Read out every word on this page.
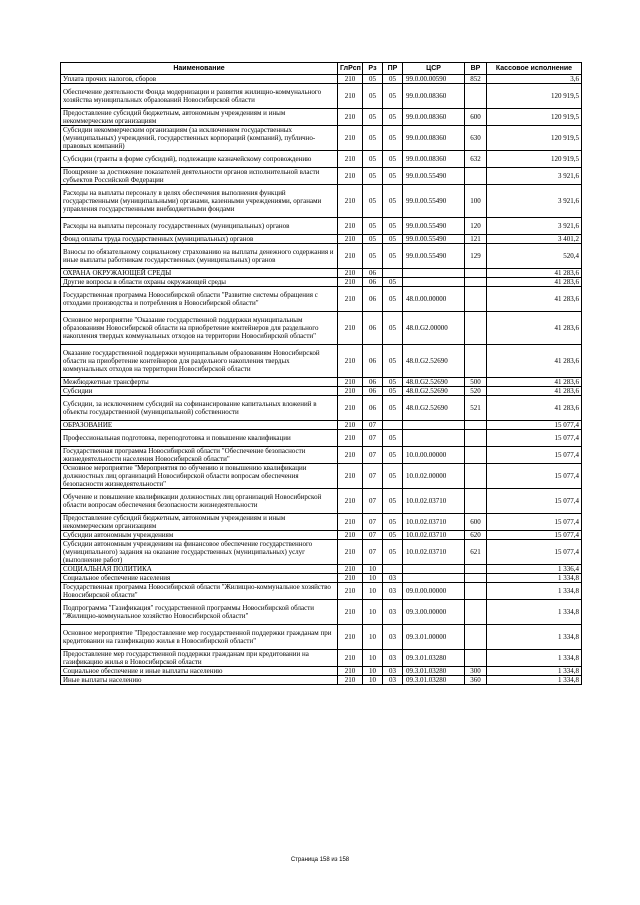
Наименование	ГлРсп	Рз	ПР	ЦСР	ВР	Кассовое исполнение
Уплата прочих налогов, сборов	210	05	05	99.0.00.00590	852	3,6
Обеспечение деятельности Фонда модернизации и развития жилищно-коммунального хозяйства муниципальных образований Новосибирской области	210	05	05	99.0.00.08360		120 919,5
Предоставление субсидий бюджетным, автономным учреждениям и иным некоммерческим организациям	210	05	05	99.0.00.08360	600	120 919,5
Субсидии некоммерческим организациям (за исключением государственных (муниципальных) учреждений, государственных корпораций (компаний), публично-правовых компаний)	210	05	05	99.0.00.08360	630	120 919,5
Субсидии (гранты в форме субсидий), подлежащие казначейскому сопровождению	210	05	05	99.0.00.08360	632	120 919,5
Поощрение за достижение показателей деятельности органов исполнительной власти субъектов Российской Федерации	210	05	05	99.0.00.55490		3 921,6
Расходы на выплаты персоналу в целях обеспечения выполнения функций государственными (муниципальными) органами, казенными учреждениями, органами управления государственными внебюджетными фондами	210	05	05	99.0.00.55490	100	3 921,6
Расходы на выплаты персоналу государственных (муниципальных) органов	210	05	05	99.0.00.55490	120	3 921,6
Фонд оплаты труда государственных (муниципальных) органов	210	05	05	99.0.00.55490	121	3 401,2
Взносы по обязательному социальному страхованию на выплаты денежного содержания и иные выплаты работникам государственных (муниципальных) органов	210	05	05	99.0.00.55490	129	520,4
ОХРАНА ОКРУЖАЮЩЕЙ СРЕДЫ	210	06				41 283,6
Другие вопросы в области охраны окружающей среды	210	06	05			41 283,6
Государственная программа Новосибирской области "Развитие системы обращения с отходами производства и потребления в Новосибирской области"	210	06	05	48.0.00.00000		41 283,6
Основное мероприятие "Оказание государственной поддержки муниципальным образованиям Новосибирской области на приобретение контейнеров для раздельного накопления твердых коммунальных отходов на территории Новосибирской области"	210	06	05	48.0.G2.00000		41 283,6
Оказание государственной поддержки муниципальным образованиям Новосибирской области на приобретение контейнеров для раздельного накопления твердых коммунальных отходов на территории Новосибирской области	210	06	05	48.0.G2.52690		41 283,6
Межбюджетные трансферты	210	06	05	48.0.G2.52690	500	41 283,6
Субсидии	210	06	05	48.0.G2.52690	520	41 283,6
Субсидии, за исключением субсидий на софинансирование капитальных вложений в объекты государственной (муниципальной) собственности	210	06	05	48.0.G2.52690	521	41 283,6
ОБРАЗОВАНИЕ	210	07				15 077,4
Профессиональная подготовка, переподготовка и повышение квалификации	210	07	05			15 077,4
Государственная программа Новосибирской области "Обеспечение безопасности жизнедеятельности населения Новосибирской области"	210	07	05	10.0.00.00000		15 077,4
Основное мероприятие "Мероприятия по обучению и повышению квалификации должностных лиц организаций Новосибирской области вопросам обеспечения безопасности жизнедеятельности"	210	07	05	10.0.02.00000		15 077,4
Обучение и повышение квалификации должностных лиц организаций Новосибирской области вопросам обеспечения безопасности жизнедеятельности	210	07	05	10.0.02.03710		15 077,4
Предоставление субсидий бюджетным, автономным учреждениям и иным некоммерческим организациям	210	07	05	10.0.02.03710	600	15 077,4
Субсидии автономным учреждениям	210	07	05	10.0.02.03710	620	15 077,4
Субсидии автономным учреждениям на финансовое обеспечение государственного (муниципального) задания на оказание государственных (муниципальных) услуг (выполнение работ)	210	07	05	10.0.02.03710	621	15 077,4
СОЦИАЛЬНАЯ ПОЛИТИКА	210	10				1 336,4
Социальное обеспечение населения	210	10	03			1 334,8
Государственная программа Новосибирской области "Жилищно-коммунальное хозяйство Новосибирской области"	210	10	03	09.0.00.00000		1 334,8
Подпрограмма "Газификация" государственной программы Новосибирской области "Жилищно-коммунальное хозяйство Новосибирской области"	210	10	03	09.3.00.00000		1 334,8
Основное мероприятие "Предоставление мер государственной поддержки гражданам при кредитовании на газификацию жилья в Новосибирской области"	210	10	03	09.3.01.00000		1 334,8
Предоставление мер государственной поддержки гражданам при кредитовании на газификацию жилья в Новосибирской области	210	10	03	09.3.01.03280		1 334,8
Социальное обеспечение и иные выплаты населению	210	10	03	09.3.01.03280	300	1 334,8
Иные выплаты населению	210	10	03	09.3.01.03280	360	1 334,8
Страница 158 из 158
